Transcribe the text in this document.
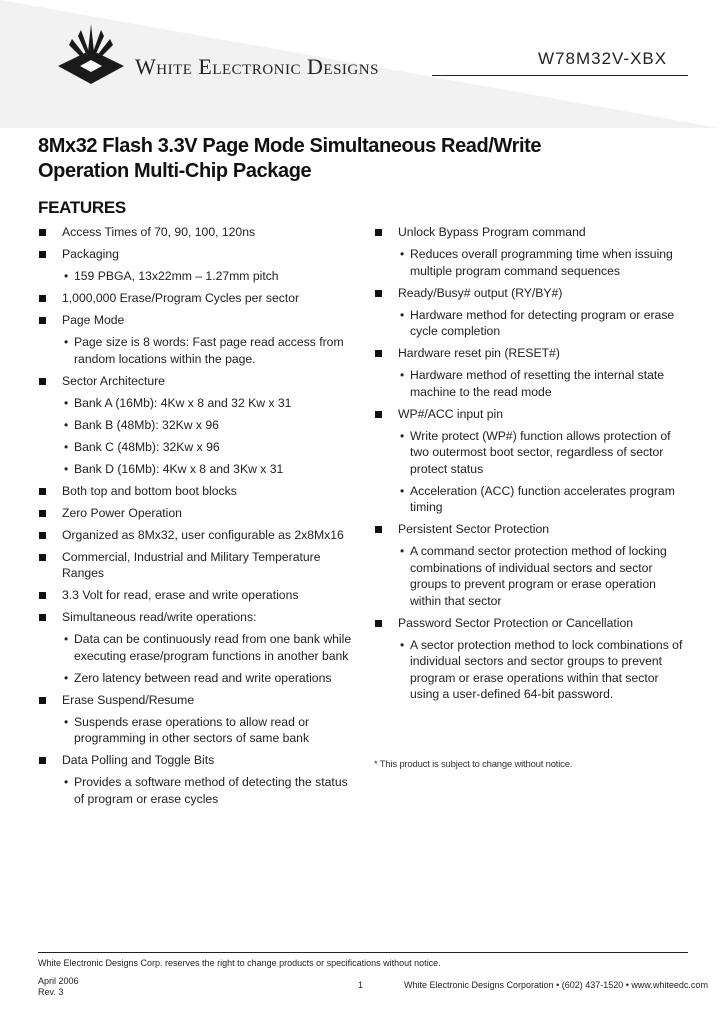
White Electronic Designs	W78M32V-XBX
8Mx32 Flash 3.3V Page Mode Simultaneous Read/Write
Operation Multi-Chip Package
FEATURES
Access Times of 70, 90, 100, 120ns
Packaging
• 159 PBGA, 13x22mm – 1.27mm pitch
1,000,000 Erase/Program Cycles per sector
Page Mode
• Page size is 8 words: Fast page read access from random locations within the page.
Sector Architecture
• Bank A (16Mb): 4Kw x 8 and 32 Kw x 31
• Bank B (48Mb): 32Kw x 96
• Bank C (48Mb): 32Kw x 96
• Bank D (16Mb): 4Kw x 8 and 3Kw x 31
Both top and bottom boot blocks
Zero Power Operation
Organized as 8Mx32, user configurable as 2x8Mx16
Commercial, Industrial and Military Temperature Ranges
3.3 Volt for read, erase and write operations
Simultaneous read/write operations:
• Data can be continuously read from one bank while executing erase/program functions in another bank
• Zero latency between read and write operations
Erase Suspend/Resume
• Suspends erase operations to allow read or programming in other sectors of same bank
Data Polling and Toggle Bits
• Provides a software method of detecting the status of program or erase cycles
Unlock Bypass Program command
• Reduces overall programming time when issuing multiple program command sequences
Ready/Busy# output (RY/BY#)
• Hardware method for detecting program or erase cycle completion
Hardware reset pin (RESET#)
• Hardware method of resetting the internal state machine to the read mode
WP#/ACC input pin
• Write protect (WP#) function allows protection of two outermost boot sector, regardless of sector protect status
• Acceleration (ACC) function accelerates program timing
Persistent Sector Protection
• A command sector protection method of locking combinations of individual sectors and sector groups to prevent program or erase operation within that sector
Password Sector Protection or Cancellation
• A sector protection method to lock combinations of individual sectors and sector groups to prevent program or erase operations within that sector using a user-defined 64-bit password.
* This product is subject to change without notice.
White Electronic Designs Corp. reserves the right to change products or specifications without notice.
April 2006
Rev. 3
1	White Electronic Designs Corporation • (602) 437-1520 • www.whiteedc.com
